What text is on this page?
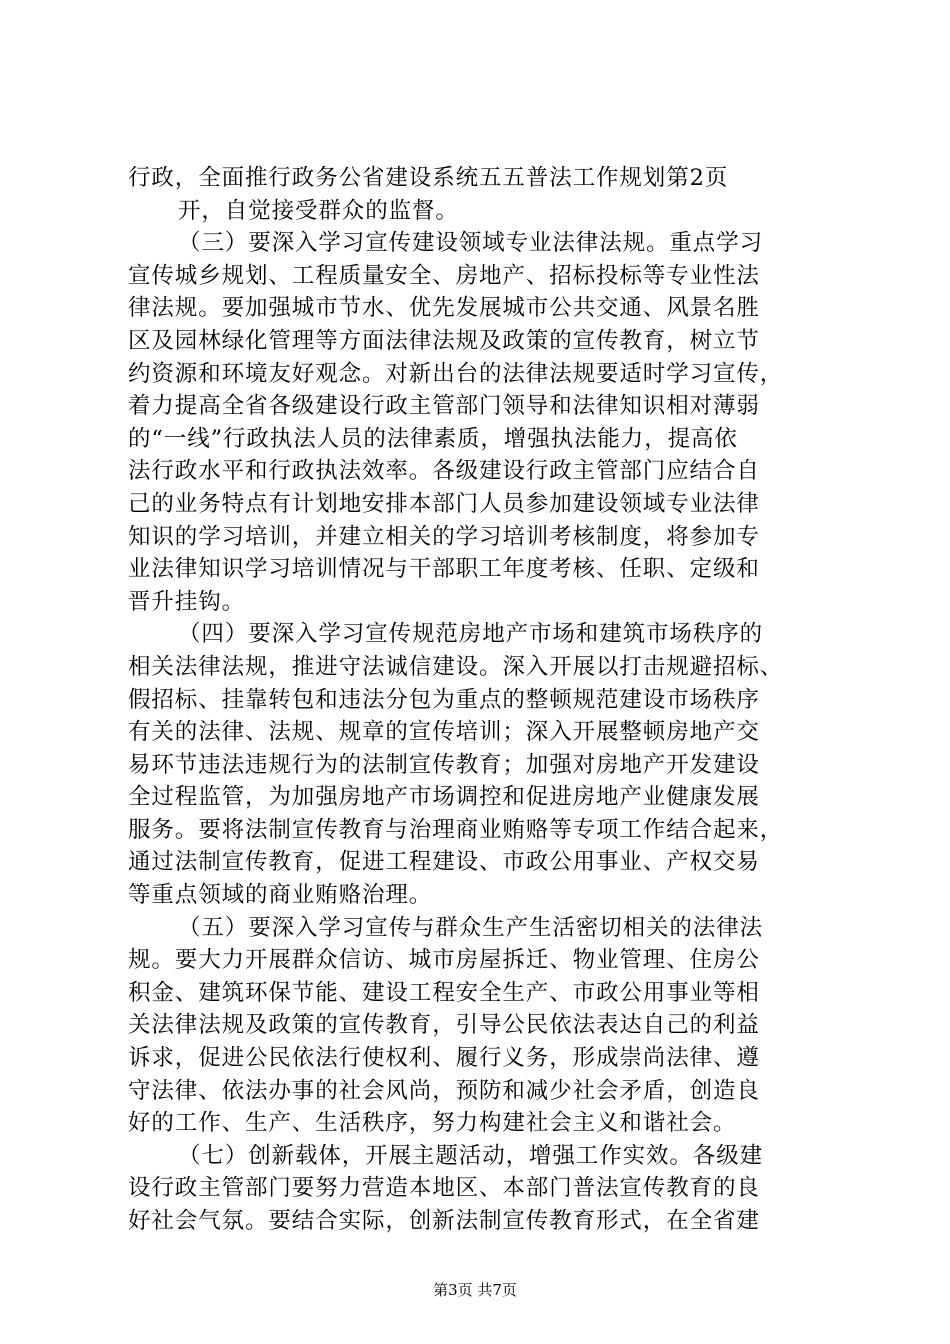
行政，全面推行政务公省建设系统五五普法工作规划第2页
开，自觉接受群众的监督。
（三）要深入学习宣传建设领域专业法律法规。重点学习
宣传城乡规划、工程质量安全、房地产、招标投标等专业性法
律法规。要加强城市节水、优先发展城市公共交通、风景名胜
区及园林绿化管理等方面法律法规及政策的宣传教育，树立节
约资源和环境友好观念。对新出台的法律法规要适时学习宣传，
着力提高全省各级建设行政主管部门领导和法律知识相对薄弱
的“一线”行政执法人员的法律素质，增强执法能力，提高依
法行政水平和行政执法效率。各级建设行政主管部门应结合自
己的业务特点有计划地安排本部门人员参加建设领域专业法律
知识的学习培训，并建立相关的学习培训考核制度，将参加专
业法律知识学习培训情况与干部职工年度考核、任职、定级和
晋升挂钩。
（四）要深入学习宣传规范房地产市场和建筑市场秩序的
相关法律法规，推进守法诚信建设。深入开展以打击规避招标、
假招标、挂靠转包和违法分包为重点的整顿规范建设市场秩序
有关的法律、法规、规章的宣传培训；深入开展整顿房地产交
易环节违法违规行为的法制宣传教育；加强对房地产开发建设
全过程监管，为加强房地产市场调控和促进房地产业健康发展
服务。要将法制宣传教育与治理商业贿赂等专项工作结合起来，
通过法制宣传教育，促进工程建设、市政公用事业、产权交易
等重点领域的商业贿赂治理。
（五）要深入学习宣传与群众生产生活密切相关的法律法
规。要大力开展群众信访、城市房屋拆迁、物业管理、住房公
积金、建筑环保节能、建设工程安全生产、市政公用事业等相
关法律法规及政策的宣传教育，引导公民依法表达自己的利益
诉求，促进公民依法行使权利、履行义务，形成崇尚法律、遵
守法律、依法办事的社会风尚，预防和减少社会矛盾，创造良
好的工作、生产、生活秩序，努力构建社会主义和谐社会。
（七）创新载体，开展主题活动，增强工作实效。各级建
设行政主管部门要努力营造本地区、本部门普法宣传教育的良
好社会气氛。要结合实际，创新法制宣传教育形式，在全省建
第3页 共7页
